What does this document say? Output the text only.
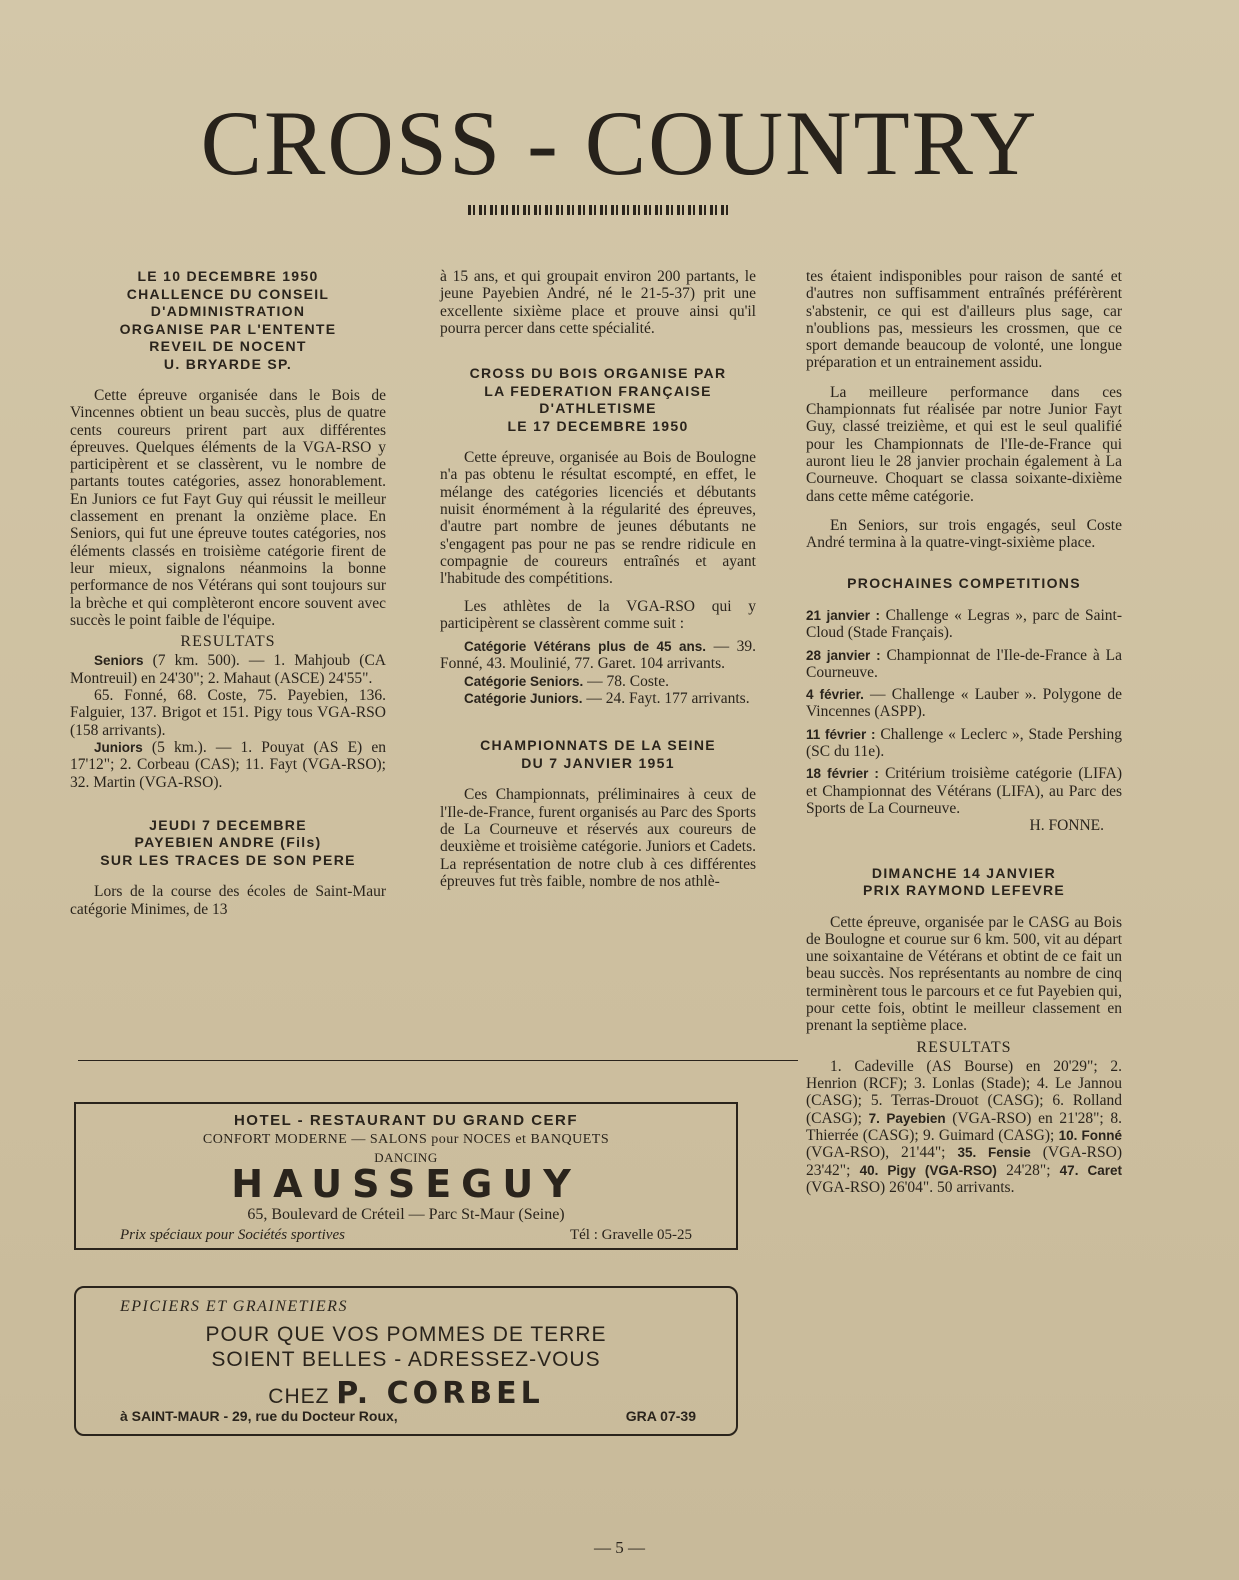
CROSS - COUNTRY
LE 10 DECEMBRE 1950
CHALLENCE DU CONSEIL
D'ADMINISTRATION
ORGANISE PAR L'ENTENTE
REVEIL DE NOCENT
U. BRYARDE SP.

Cette épreuve organisée dans le Bois de Vincennes obtient un beau succès, plus de quatre cents coureurs prirent part aux différentes épreuves. Quelques éléments de la VGA-RSO y participèrent et se classèrent, vu le nombre de partants toutes catégories, assez honorablement. En Juniors ce fut Fayt Guy qui réussit le meilleur classement en prenant la onzième place. En Seniors, qui fut une épreuve toutes catégories, nos éléments classés en troisième catégorie firent de leur mieux, signalons néanmoins la bonne performance de nos Vétérans qui sont toujours sur la brèche et qui complèteront encore souvent avec succès le point faible de l'équipe.

RESULTATS

Seniors (7 km. 500). — 1. Mahjoub (CA Montreuil) en 24'30"; 2. Mahaut (ASCE) 24'55".

65. Fonné, 68. Coste, 75. Payebien, 136. Falguier, 137. Brigot et 151. Pigy tous VGA-RSO (158 arrivants).

Juniors (5 km.). — 1. Pouyat (AS E) en 17'12"; 2. Corbeau (CAS); 11. Fayt (VGA-RSO); 32. Martin (VGA-RSO).

JEUDI 7 DECEMBRE
PAYEBIEN ANDRE (Fils)
SUR LES TRACES DE SON PERE

Lors de la course des écoles de Saint-Maur catégorie Minimes, de 13

à 15 ans, et qui groupait environ 200 partants, le jeune Payebien André, né le 21-5-37) prit une excellente sixième place et prouve ainsi qu'il pourra percer dans cette spécialité.

CROSS DU BOIS ORGANISE PAR
LA FEDERATION FRANÇAISE
D'ATHLETISME
LE 17 DECEMBRE 1950

Cette épreuve, organisée au Bois de Boulogne n'a pas obtenu le résultat escompté, en effet, le mélange des catégories licenciés et débutants nuisit énormément à la régularité des épreuves, d'autre part nombre de jeunes débutants ne s'engagent pas pour ne pas se rendre ridicule en compagnie de coureurs entraînés et ayant l'habitude des compétitions.

Les athlètes de la VGA-RSO qui y participèrent se classèrent comme suit :

Catégorie Vétérans plus de 45 ans. — 39. Fonné, 43. Moulinié, 77. Garet. 104 arrivants.

Catégorie Seniors. — 78. Coste.

Catégorie Juniors. — 24. Fayt. 177 arrivants.

CHAMPIONNATS DE LA SEINE
DU 7 JANVIER 1951

Ces Championnats, préliminaires à ceux de l'Ile-de-France, furent organisés au Parc des Sports de La Courneuve et réservés aux coureurs de deuxième et troisième catégorie. Juniors et Cadets. La représentation de notre club à ces différentes épreuves fut très faible, nombre de nos athlè-

tes étaient indisponibles pour raison de santé et d'autres non suffisamment entraînés préférèrent s'abstenir, ce qui est d'ailleurs plus sage, car n'oublions pas, messieurs les crossmen, que ce sport demande beaucoup de volonté, une longue préparation et un entrainement assidu.

La meilleure performance dans ces Championnats fut réalisée par notre Junior Fayt Guy, classé treizième, et qui est le seul qualifié pour les Championnats de l'Ile-de-France qui auront lieu le 28 janvier prochain également à La Courneuve. Choquart se classa soixante-dixième dans cette même catégorie.

En Seniors, sur trois engagés, seul Coste André termina à la quatre-vingt-sixième place.

PROCHAINES COMPETITIONS

21 janvier : Challenge « Legras », parc de Saint-Cloud (Stade Français).

28 janvier : Championnat de l'Ile-de-France à La Courneuve.

4 février. — Challenge « Lauber ». Polygone de Vincennes (ASPP).

11 février : Challenge « Leclerc », Stade Pershing (SC du 11e).

18 février : Critérium troisième catégorie (LIFA) et Championnat des Vétérans (LIFA), au Parc des Sports de La Courneuve.

H. FONNE.

DIMANCHE 14 JANVIER
PRIX RAYMOND LEFEVRE

Cette épreuve, organisée par le CASG au Bois de Boulogne et courue sur 6 km. 500, vit au départ une soixantaine de Vétérans et obtint de ce fait un beau succès. Nos représentants au nombre de cinq terminèrent tous le parcours et ce fut Payebien qui, pour cette fois, obtint le meilleur classement en prenant la septième place.

RESULTATS

1. Cadeville (AS Bourse) en 20'29"; 2. Henrion (RCF); 3. Lonlas (Stade); 4. Le Jannou (CASG); 5. Terras-Drouot (CASG); 6. Rolland (CASG); 7. Payebien (VGA-RSO) en 21'28"; 8. Thierrée (CASG); 9. Guimard (CASG); 10. Fonné (VGA-RSO), 21'44"; 35. Fensie (VGA-RSO) 23'42"; 40. Pigy (VGA-RSO) 24'28"; 47. Caret (VGA-RSO) 26'04". 50 arrivants.

HOTEL - RESTAURANT DU GRAND CERF
CONFORT MODERNE — SALONS pour NOCES et BANQUETS
DANCING
HAUSSEGUY
65, Boulevard de Créteil — Parc St-Maur (Seine)
Prix spéciaux pour Sociétés sportives	Tél : Gravelle 05-25
EPICIERS ET GRAINETIERS
POUR QUE VOS POMMES DE TERRE
SOIENT BELLES - ADRESSEZ-VOUS
CHEZ P. CORBEL
à SAINT-MAUR - 29, rue du Docteur Roux,	GRA 07-39
— 5 —
